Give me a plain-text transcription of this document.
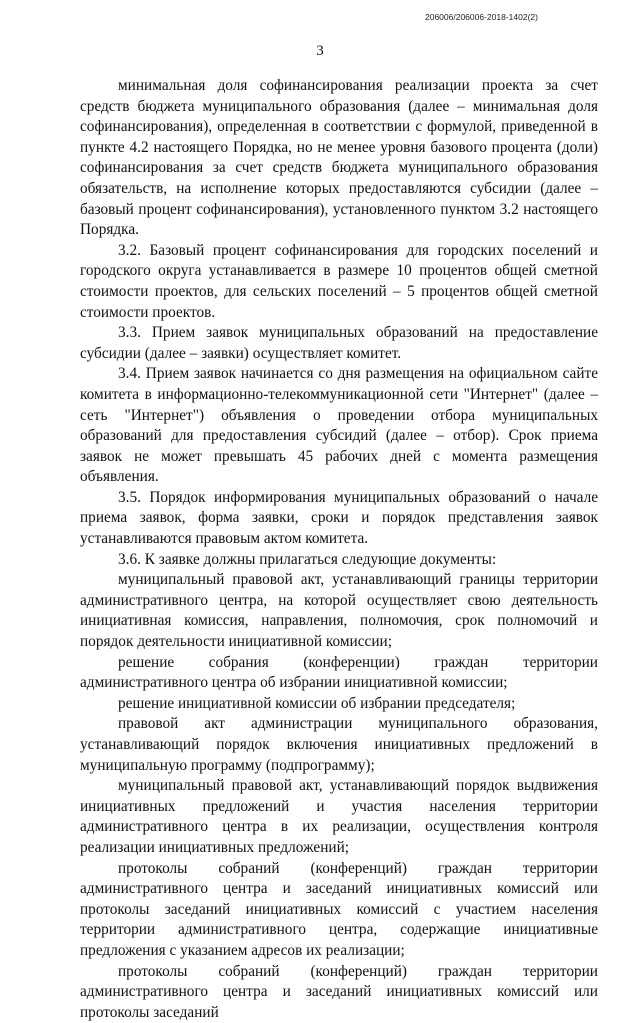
206006/206006-2018-1402(2)
3

минимальная доля софинансирования реализации проекта за счет средств бюджета муниципального образования (далее – минимальная доля софинансирования), определенная в соответствии с формулой, приведенной в пункте 4.2 настоящего Порядка, но не менее уровня базового процента (доли) софинансирования за счет средств бюджета муниципального образования обязательств, на исполнение которых предоставляются субсидии (далее – базовый процент софинансирования), установленного пунктом 3.2 настоящего Порядка.

3.2. Базовый процент софинансирования для городских поселений и городского округа устанавливается в размере 10 процентов общей сметной стоимости проектов, для сельских поселений – 5 процентов общей сметной стоимости проектов.

3.3. Прием заявок муниципальных образований на предоставление субсидии (далее – заявки) осуществляет комитет.

3.4. Прием заявок начинается со дня размещения на официальном сайте комитета в информационно-телекоммуникационной сети "Интернет" (далее – сеть "Интернет") объявления о проведении отбора муниципальных образований для предоставления субсидий (далее – отбор). Срок приема заявок не может превышать 45 рабочих дней с момента размещения объявления.

3.5. Порядок информирования муниципальных образований о начале приема заявок, форма заявки, сроки и порядок представления заявок устанавливаются правовым актом комитета.

3.6. К заявке должны прилагаться следующие документы:

муниципальный правовой акт, устанавливающий границы территории административного центра, на которой осуществляет свою деятельность инициативная комиссия, направления, полномочия, срок полномочий и порядок деятельности инициативной комиссии;

решение собрания (конференции) граждан территории административного центра об избрании инициативной комиссии;

решение инициативной комиссии об избрании председателя;

правовой акт администрации муниципального образования, устанавливающий порядок включения инициативных предложений в муниципальную программу (подпрограмму);

муниципальный правовой акт, устанавливающий порядок выдвижения инициативных предложений и участия населения территории административного центра в их реализации, осуществления контроля реализации инициативных предложений;

протоколы собраний (конференций) граждан территории административного центра и заседаний инициативных комиссий или протоколы заседаний инициативных комиссий с участием населения территории административного центра, содержащие инициативные предложения с указанием адресов их реализации;

протоколы собраний (конференций) граждан территории административного центра и заседаний инициативных комиссий или протоколы заседаний
